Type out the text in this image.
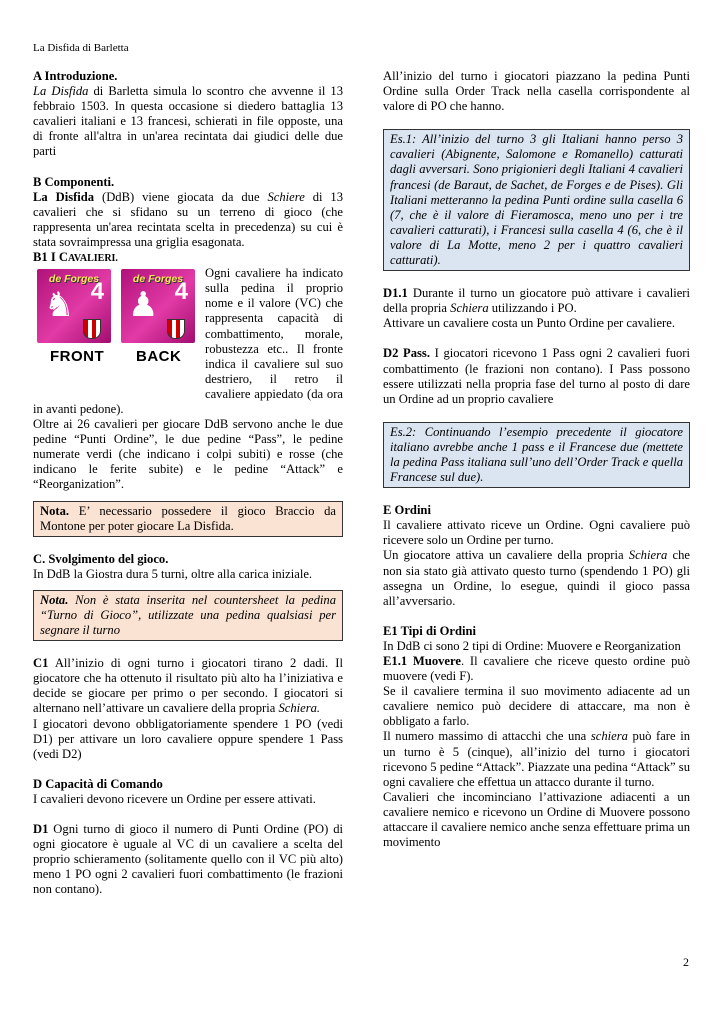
La Disfida di Barletta

A Introduzione.

La Disfida di Barletta simula lo scontro che avvenne il 13 febbraio 1503. In questa occasione si diedero battaglia 13 cavalieri italiani e 13 francesi, schierati in file opposte, una di fronte all'altra in un'area recintata dai giudici delle due parti

B Componenti.

La Disfida (DdB) viene giocata da due Schiere di 13 cavalieri che si sfidano su un terreno di gioco (che rappresenta un'area recintata scelta in precedenza) su cui è stata sovraimpressa una griglia esagonata.

B1 I CAVALIERI.

de Forges
4
♞
de Forges
4
♟
FRONT BACK
Ogni cavaliere ha indicato sulla pedina il proprio nome e il valore (VC) che rappresenta capacità di combattimento, morale, robustezza etc.. Il fronte indica il cavaliere sul suo destriero, il retro il cavaliere appiedato (da ora in avanti pedone).

Oltre ai 26 cavalieri per giocare DdB servono anche le due pedine “Punti Ordine”, le due pedine “Pass”, le pedine numerate verdi (che indicano i colpi subiti) e rosse (che indicano le ferite subite) e le pedine “Attack” e “Reorganization”.

Nota. E’ necessario possedere il gioco Braccio da Montone per poter giocare La Disfida.

C. Svolgimento del gioco.

In DdB la Giostra dura 5 turni, oltre alla carica iniziale.

Nota. Non è stata inserita nel countersheet la pedina “Turno di Gioco”, utilizzate una pedina qualsiasi per segnare il turno

C1 All’inizio di ogni turno i giocatori tirano 2 dadi. Il giocatore che ha ottenuto il risultato più alto ha l’iniziativa e decide se giocare per primo o per secondo. I giocatori si alternano nell’attivare un cavaliere della propria Schiera.

I giocatori devono obbligatoriamente spendere 1 PO (vedi D1) per attivare un loro cavaliere oppure spendere 1 Pass (vedi D2)

D Capacità di Comando

I cavalieri devono ricevere un Ordine per essere attivati.

D1 Ogni turno di gioco il numero di Punti Ordine (PO) di ogni giocatore è uguale al VC di un cavaliere a scelta del proprio schieramento (solitamente quello con il VC più alto) meno 1 PO ogni 2 cavalieri fuori combattimento (le frazioni non contano).

All’inizio del turno i giocatori piazzano la pedina Punti Ordine sulla Order Track nella casella corrispondente al valore di PO che hanno.

Es.1: All’inizio del turno 3 gli Italiani hanno perso 3 cavalieri (Abignente, Salomone e Romanello) catturati dagli avversari. Sono prigionieri degli Italiani 4 cavalieri francesi (de Baraut, de Sachet, de Forges e de Pises). Gli Italiani metteranno la pedina Punti ordine sulla casella 6 (7, che è il valore di Fieramosca, meno uno per i tre cavalieri catturati), i Francesi sulla casella 4 (6, che è il valore di La Motte, meno 2 per i quattro cavalieri catturati).

D1.1 Durante il turno un giocatore può attivare i cavalieri della propria Schiera utilizzando i PO.

Attivare un cavaliere costa un Punto Ordine per cavaliere.

D2 Pass. I giocatori ricevono 1 Pass ogni 2 cavalieri fuori combattimento (le frazioni non contano). I Pass possono essere utilizzati nella propria fase del turno al posto di dare un Ordine ad un proprio cavaliere

Es.2: Continuando l’esempio precedente il giocatore italiano avrebbe anche 1 pass e il Francese due (mettete la pedina Pass italiana sull’uno dell’Order Track e quella Francese sul due).

E Ordini

Il cavaliere attivato riceve un Ordine. Ogni cavaliere può ricevere solo un Ordine per turno.

Un giocatore attiva un cavaliere della propria Schiera che non sia stato già attivato questo turno (spendendo 1 PO) gli assegna un Ordine, lo esegue, quindi il gioco passa all’avversario.

E1 Tipi di Ordini

In DdB ci sono 2 tipi di Ordine: Muovere e Reorganization

E1.1 Muovere. Il cavaliere che riceve questo ordine può muovere (vedi F).

Se il cavaliere termina il suo movimento adiacente ad un cavaliere nemico può decidere di attaccare, ma non è obbligato a farlo.

Il numero massimo di attacchi che una schiera può fare in un turno è 5 (cinque), all’inizio del turno i giocatori ricevono 5 pedine “Attack”. Piazzate una pedina “Attack” su ogni cavaliere che effettua un attacco durante il turno.

Cavalieri che incominciano l’attivazione adiacenti a un cavaliere nemico e ricevono un Ordine di Muovere possono attaccare il cavaliere nemico anche senza effettuare prima un movimento

2
